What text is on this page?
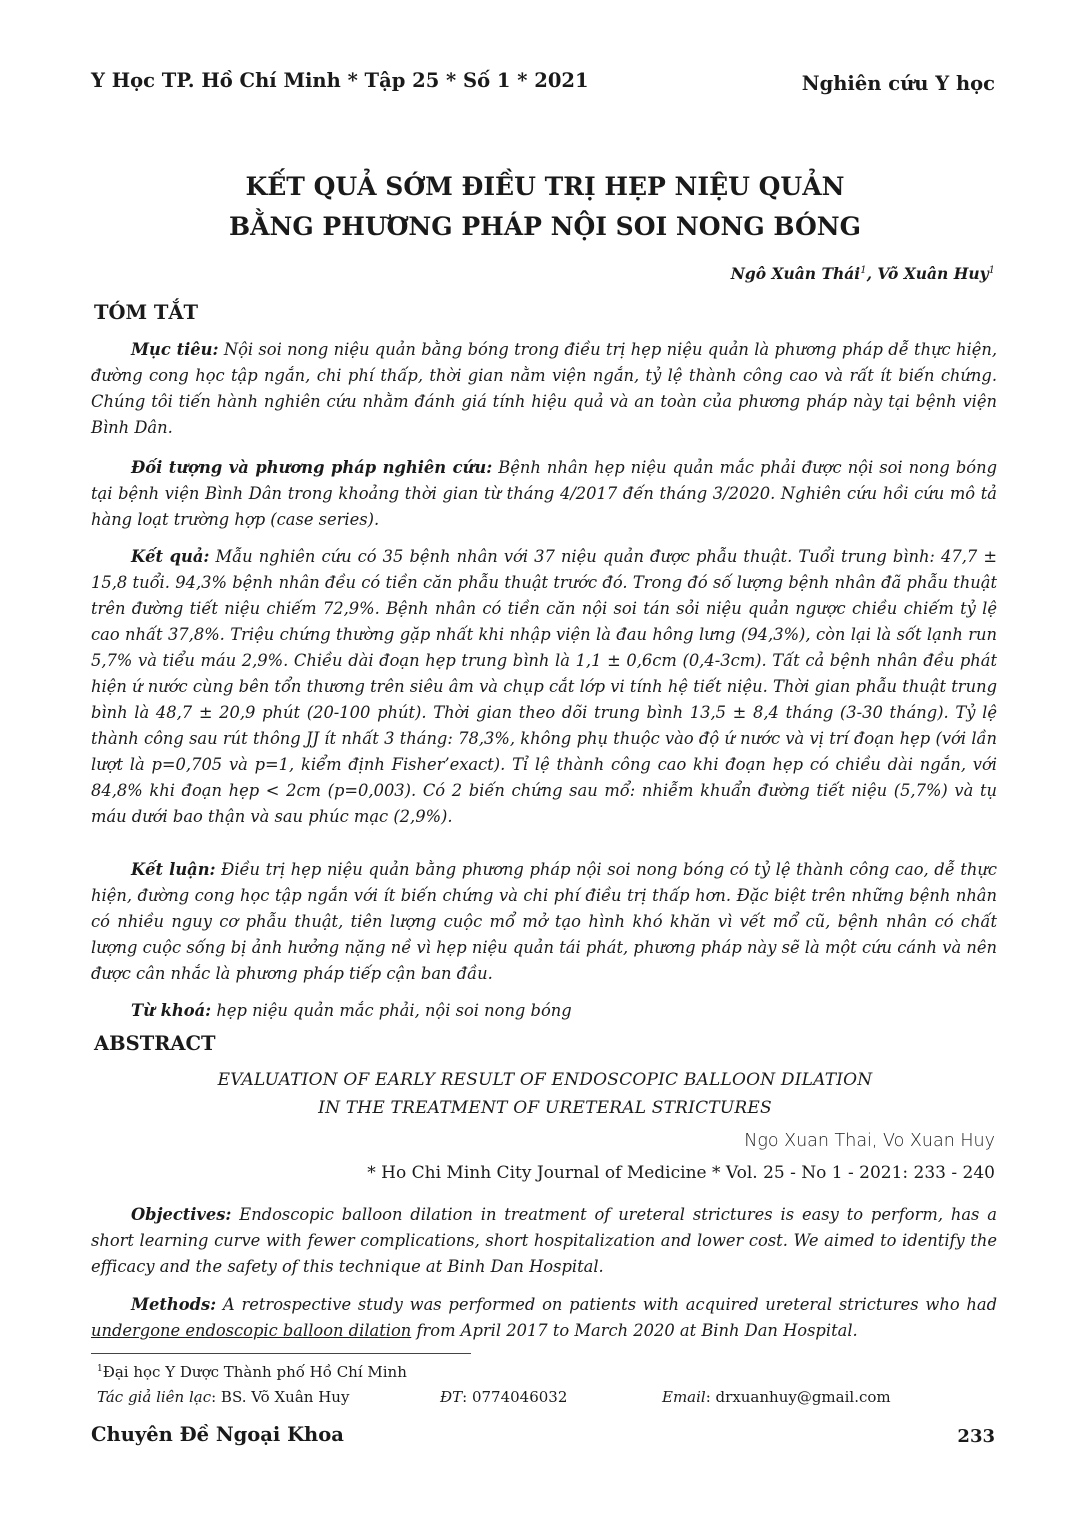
Y Học TP. Hồ Chí Minh * Tập 25 * Số 1 * 2021	Nghiên cứu Y học
KẾT QUẢ SỚM ĐIỀU TRỊ HẸP NIỆU QUẢN
BẰNG PHƯƠNG PHÁP NỘI SOI NONG BÓNG
Ngô Xuân Thái$^1$, Võ Xuân Huy$^1$
TÓM TẮT

Mục tiêu: Nội soi nong niệu quản bằng bóng trong điều trị hẹp niệu quản là phương pháp dễ thực hiện, đường cong học tập ngắn, chi phí thấp, thời gian nằm viện ngắn, tỷ lệ thành công cao và rất ít biến chứng. Chúng tôi tiến hành nghiên cứu nhằm đánh giá tính hiệu quả và an toàn của phương pháp này tại bệnh viện Bình Dân.

Đối tượng và phương pháp nghiên cứu: Bệnh nhân hẹp niệu quản mắc phải được nội soi nong bóng tại bệnh viện Bình Dân trong khoảng thời gian từ tháng 4/2017 đến tháng 3/2020. Nghiên cứu hồi cứu mô tả hàng loạt trường hợp (case series).

Kết quả: Mẫu nghiên cứu có 35 bệnh nhân với 37 niệu quản được phẫu thuật. Tuổi trung bình: 47,7 ± 15,8 tuổi. 94,3% bệnh nhân đều có tiền căn phẫu thuật trước đó. Trong đó số lượng bệnh nhân đã phẫu thuật trên đường tiết niệu chiếm 72,9%. Bệnh nhân có tiền căn nội soi tán sỏi niệu quản ngược chiều chiếm tỷ lệ cao nhất 37,8%. Triệu chứng thường gặp nhất khi nhập viện là đau hông lưng (94,3%), còn lại là sốt lạnh run 5,7% và tiểu máu 2,9%. Chiều dài đoạn hẹp trung bình là 1,1 ± 0,6cm (0,4-3cm). Tất cả bệnh nhân đều phát hiện ứ nước cùng bên tổn thương trên siêu âm và chụp cắt lớp vi tính hệ tiết niệu. Thời gian phẫu thuật trung bình là 48,7 ± 20,9 phút (20-100 phút). Thời gian theo dõi trung bình 13,5 ± 8,4 tháng (3-30 tháng). Tỷ lệ thành công sau rút thông JJ ít nhất 3 tháng: 78,3%, không phụ thuộc vào độ ứ nước và vị trí đoạn hẹp (với lần lượt là p=0,705 và p=1, kiểm định Fisher’exact). Tỉ lệ thành công cao khi đoạn hẹp có chiều dài ngắn, với 84,8% khi đoạn hẹp < 2cm (p=0,003). Có 2 biến chứng sau mổ: nhiễm khuẩn đường tiết niệu (5,7%) và tụ máu dưới bao thận và sau phúc mạc (2,9%).

Kết luận: Điều trị hẹp niệu quản bằng phương pháp nội soi nong bóng có tỷ lệ thành công cao, dễ thực hiện, đường cong học tập ngắn với ít biến chứng và chi phí điều trị thấp hơn. Đặc biệt trên những bệnh nhân có nhiều nguy cơ phẫu thuật, tiên lượng cuộc mổ mở tạo hình khó khăn vì vết mổ cũ, bệnh nhân có chất lượng cuộc sống bị ảnh hưởng nặng nề vì hẹp niệu quản tái phát, phương pháp này sẽ là một cứu cánh và nên được cân nhắc là phương pháp tiếp cận ban đầu.

Từ khoá: hẹp niệu quản mắc phải, nội soi nong bóng

ABSTRACT
EVALUATION OF EARLY RESULT OF ENDOSCOPIC BALLOON DILATION
IN THE TREATMENT OF URETERAL STRICTURES
Ngo Xuan Thai, Vo Xuan Huy
* Ho Chi Minh City Journal of Medicine * Vol. 25 - No 1 - 2021: 233 - 240

Objectives: Endoscopic balloon dilation in treatment of ureteral strictures is easy to perform, has a short learning curve with fewer complications, short hospitalization and lower cost. We aimed to identify the efficacy and the safety of this technique at Binh Dan Hospital.

Methods: A retrospective study was performed on patients with acquired ureteral strictures who had undergone endoscopic balloon dilation from April 2017 to March 2020 at Binh Dan Hospital.

$^1$Đại học Y Dược Thành phố Hồ Chí Minh
Tác giả liên lạc: BS. Võ Xuân Huy	ĐT: 0774046032	Email: drxuanhuy@gmail.com
Chuyên Đề Ngoại Khoa	233
